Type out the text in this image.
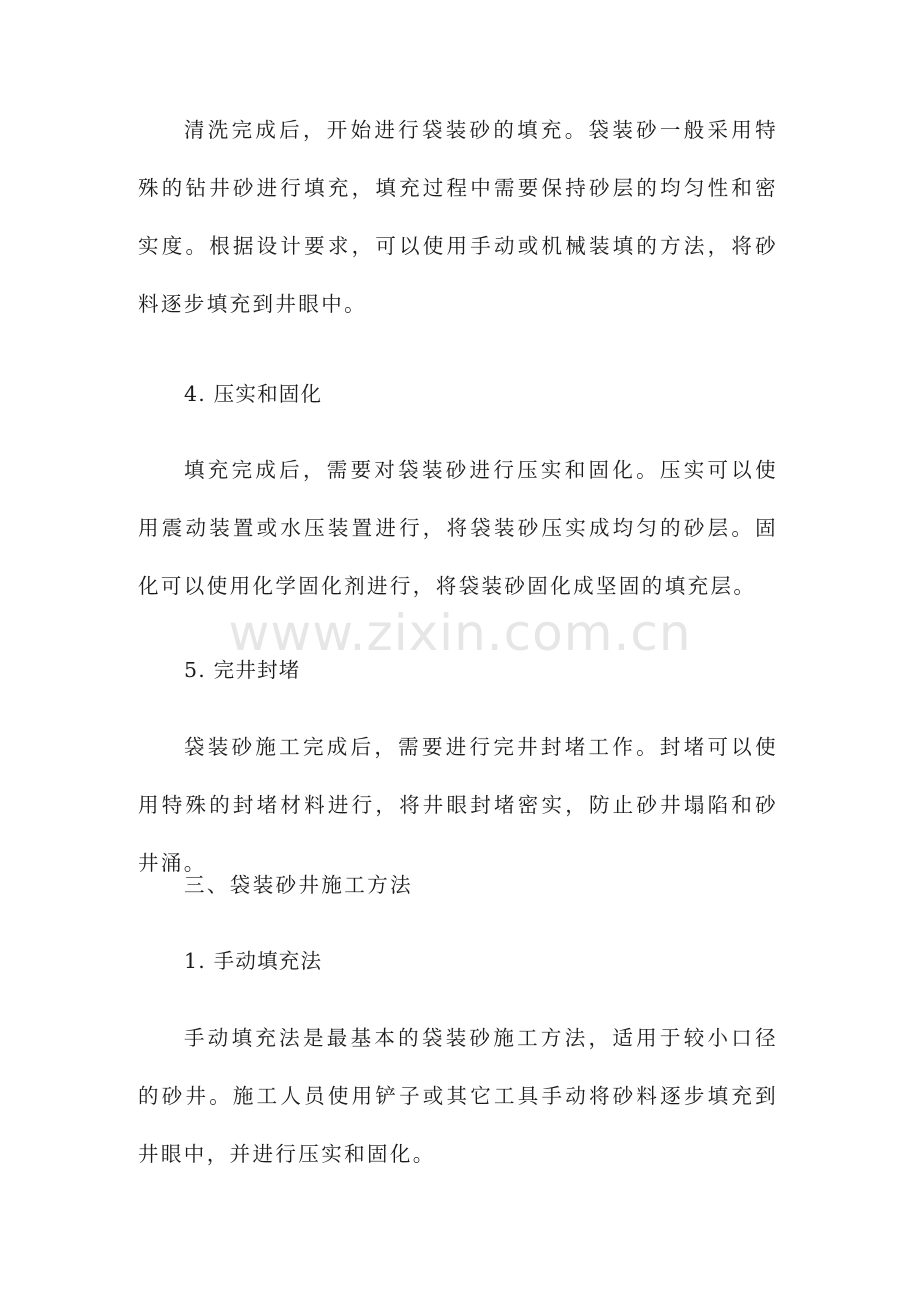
清洗完成后，开始进行袋装砂的填充。袋装砂一般采用特殊的钻井砂进行填充，填充过程中需要保持砂层的均匀性和密实度。根据设计要求，可以使用手动或机械装填的方法，将砂料逐步填充到井眼中。

4. 压实和固化

填充完成后，需要对袋装砂进行压实和固化。压实可以使用震动装置或水压装置进行，将袋装砂压实成均匀的砂层。固化可以使用化学固化剂进行，将袋装砂固化成坚固的填充层。

5. 完井封堵

袋装砂施工完成后，需要进行完井封堵工作。封堵可以使用特殊的封堵材料进行，将井眼封堵密实，防止砂井塌陷和砂井涌。

三、袋装砂井施工方法

1. 手动填充法

手动填充法是最基本的袋装砂施工方法，适用于较小口径的砂井。施工人员使用铲子或其它工具手动将砂料逐步填充到井眼中，并进行压实和固化。

www.zixin.com.cn
